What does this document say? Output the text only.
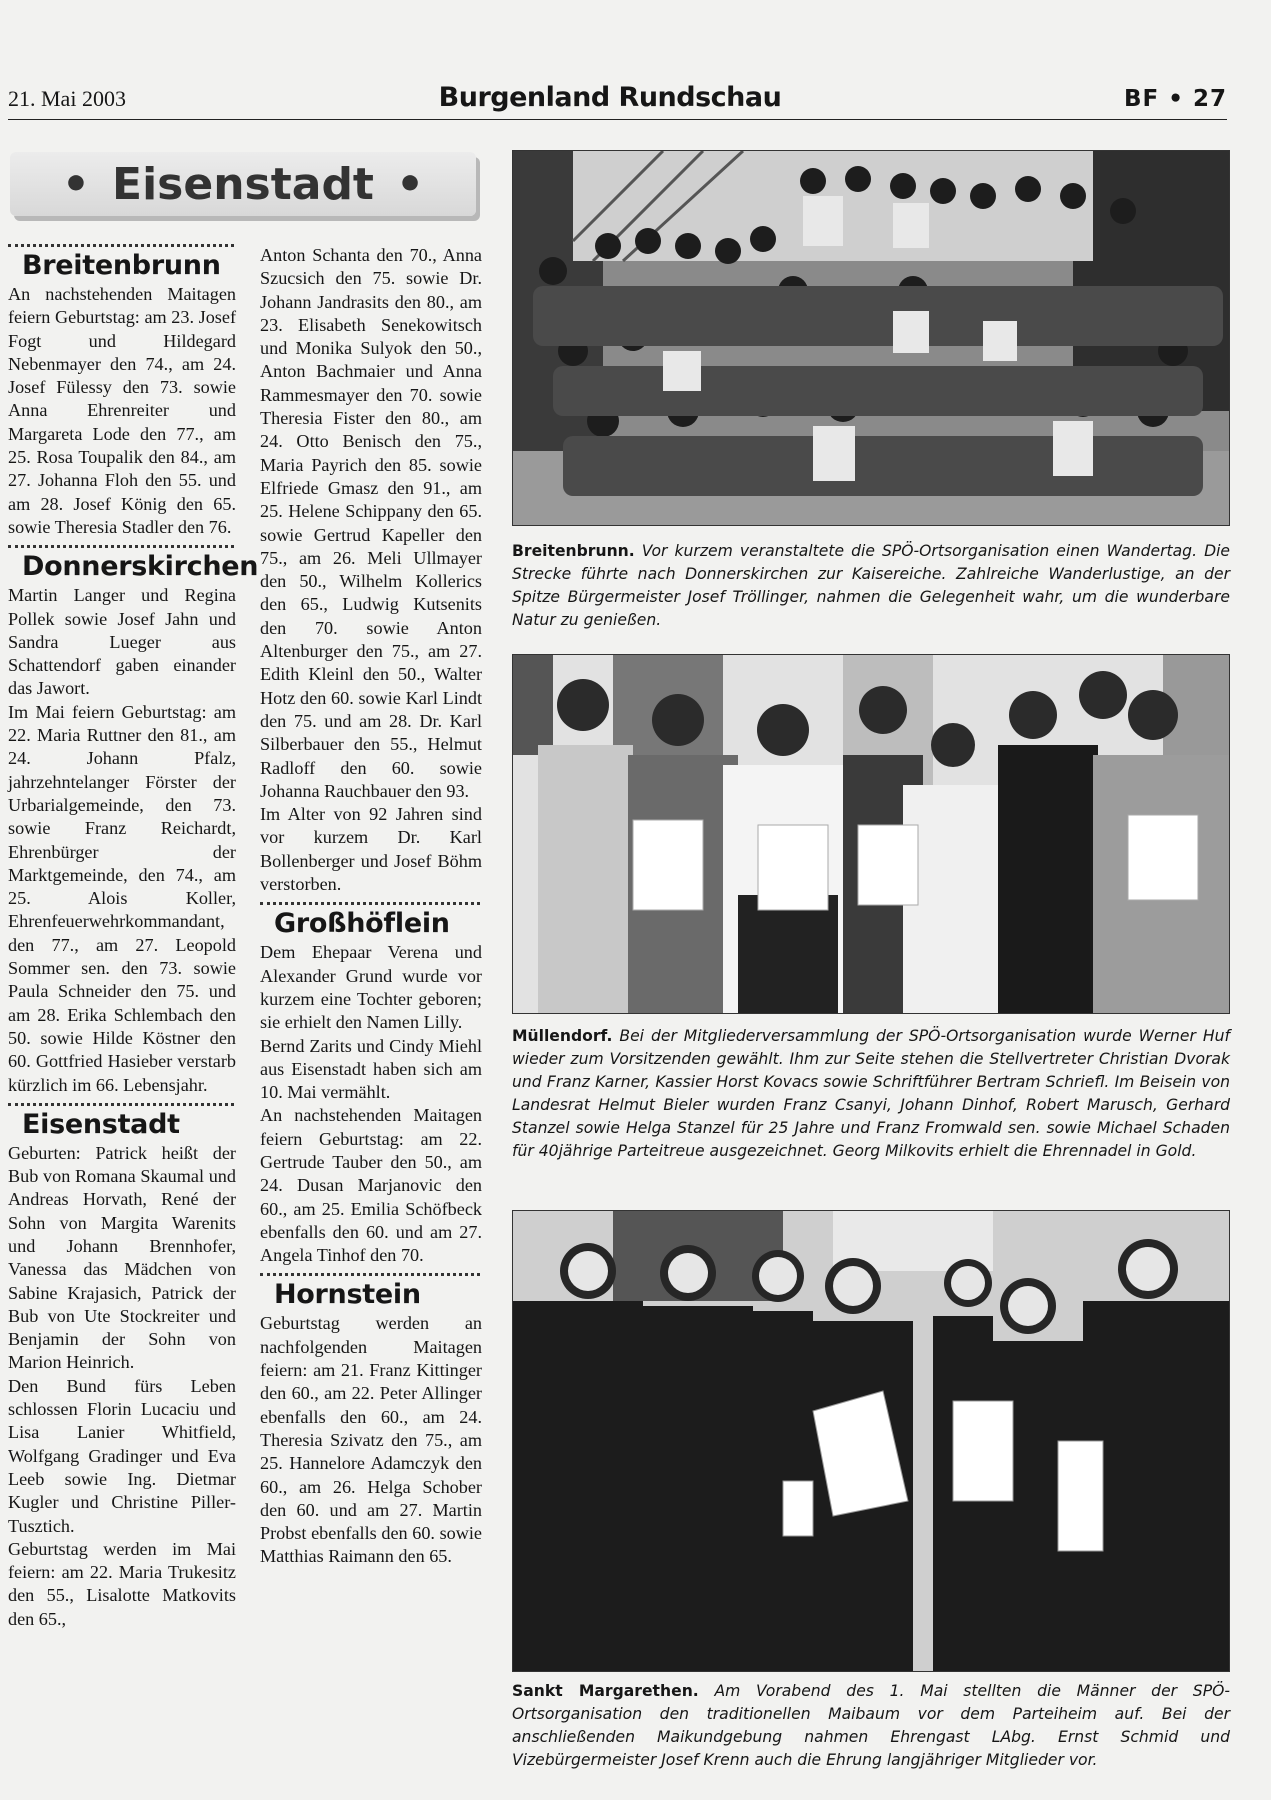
21. Mai 2003	Burgenland Rundschau	BF • 27
• Eisenstadt •
Breitenbrunn
An nachstehenden Maitagen feiern Geburtstag: am 23. Josef Fogt und Hildegard Nebenmayer den 74., am 24. Josef Fülessy den 73. sowie Anna Ehrenreiter und Margareta Lode den 77., am 25. Rosa Toupalik den 84., am 27. Johanna Floh den 55. und am 28. Josef König den 65. sowie Theresia Stadler den 76.
Donnerskirchen
Martin Langer und Regina Pollek sowie Josef Jahn und Sandra Lueger aus Schattendorf gaben einander das Jawort.
Im Mai feiern Geburtstag: am 22. Maria Ruttner den 81., am 24. Johann Pfalz, jahrzehntelanger Förster der Urbarialgemeinde, den 73. sowie Franz Reichardt, Ehrenbürger der Marktgemeinde, den 74., am 25. Alois Koller, Ehrenfeuerwehrkommandant, den 77., am 27. Leopold Sommer sen. den 73. sowie Paula Schneider den 75. und am 28. Erika Schlembach den 50. sowie Hilde Köstner den 60. Gottfried Hasieber verstarb kürzlich im 66. Lebensjahr.
Eisenstadt
Geburten: Patrick heißt der Bub von Romana Skaumal und Andreas Horvath, René der Sohn von Margita Warenits und Johann Brennhofer, Vanessa das Mädchen von Sabine Krajasich, Patrick der Bub von Ute Stockreiter und Benjamin der Sohn von Marion Heinrich.
Den Bund fürs Leben schlossen Florin Lucaciu und Lisa Lanier Whitfield, Wolfgang Gradinger und Eva Leeb sowie Ing. Dietmar Kugler und Christine Piller-Tusztich.
Geburtstag werden im Mai feiern: am 22. Maria Trukesitz den 55., Lisalotte Matkovits den 65.,
Anton Schanta den 70., Anna Szucsich den 75. sowie Dr. Johann Jandrasits den 80., am 23. Elisabeth Senekowitsch und Monika Sulyok den 50., Anton Bachmaier und Anna Rammesmayer den 70. sowie Theresia Fister den 80., am 24. Otto Benisch den 75., Maria Payrich den 85. sowie Elfriede Gmasz den 91., am 25. Helene Schippany den 65. sowie Gertrud Kapeller den 75., am 26. Meli Ullmayer den 50., Wilhelm Kollerics den 65., Ludwig Kutsenits den 70. sowie Anton Altenburger den 75., am 27. Edith Kleinl den 50., Walter Hotz den 60. sowie Karl Lindt den 75. und am 28. Dr. Karl Silberbauer den 55., Helmut Radloff den 60. sowie Johanna Rauchbauer den 93.
Im Alter von 92 Jahren sind vor kurzem Dr. Karl Bollenberger und Josef Böhm verstorben.
Großhöflein
Dem Ehepaar Verena und Alexander Grund wurde vor kurzem eine Tochter geboren; sie erhielt den Namen Lilly.
Bernd Zarits und Cindy Miehl aus Eisenstadt haben sich am 10. Mai vermählt.
An nachstehenden Maitagen feiern Geburtstag: am 22. Gertrude Tauber den 50., am 24. Dusan Marjanovic den 60., am 25. Emilia Schöfbeck ebenfalls den 60. und am 27. Angela Tinhof den 70.
Hornstein
Geburtstag werden an nachfolgenden Maitagen feiern: am 21. Franz Kittinger den 60., am 22. Peter Allinger ebenfalls den 60., am 24. Theresia Szivatz den 75., am 25. Hannelore Adamczyk den 60., am 26. Helga Schober den 60. und am 27. Martin Probst ebenfalls den 60. sowie Matthias Raimann den 65.
Breitenbrunn. Vor kurzem veranstaltete die SPÖ-Ortsorganisation einen Wandertag. Die Strecke führte nach Donnerskirchen zur Kaisereiche. Zahlreiche Wanderlustige, an der Spitze Bürgermeister Josef Tröllinger, nahmen die Gelegenheit wahr, um die wunderbare Natur zu genießen.
Müllendorf. Bei der Mitgliederversammlung der SPÖ-Ortsorganisation wurde Werner Huf wieder zum Vorsitzenden gewählt. Ihm zur Seite stehen die Stellvertreter Christian Dvorak und Franz Karner, Kassier Horst Kovacs sowie Schriftführer Bertram Schriefl. Im Beisein von Landesrat Helmut Bieler wurden Franz Csanyi, Johann Dinhof, Robert Marusch, Gerhard Stanzel sowie Helga Stanzel für 25 Jahre und Franz Fromwald sen. sowie Michael Schaden für 40jährige Parteitreue ausgezeichnet. Georg Milkovits erhielt die Ehrennadel in Gold.
Sankt Margarethen. Am Vorabend des 1. Mai stellten die Männer der SPÖ-Ortsorganisation den traditionellen Maibaum vor dem Parteiheim auf. Bei der anschließenden Maikundgebung nahmen Ehrengast LAbg. Ernst Schmid und Vizebürgermeister Josef Krenn auch die Ehrung langjähriger Mitglieder vor.
